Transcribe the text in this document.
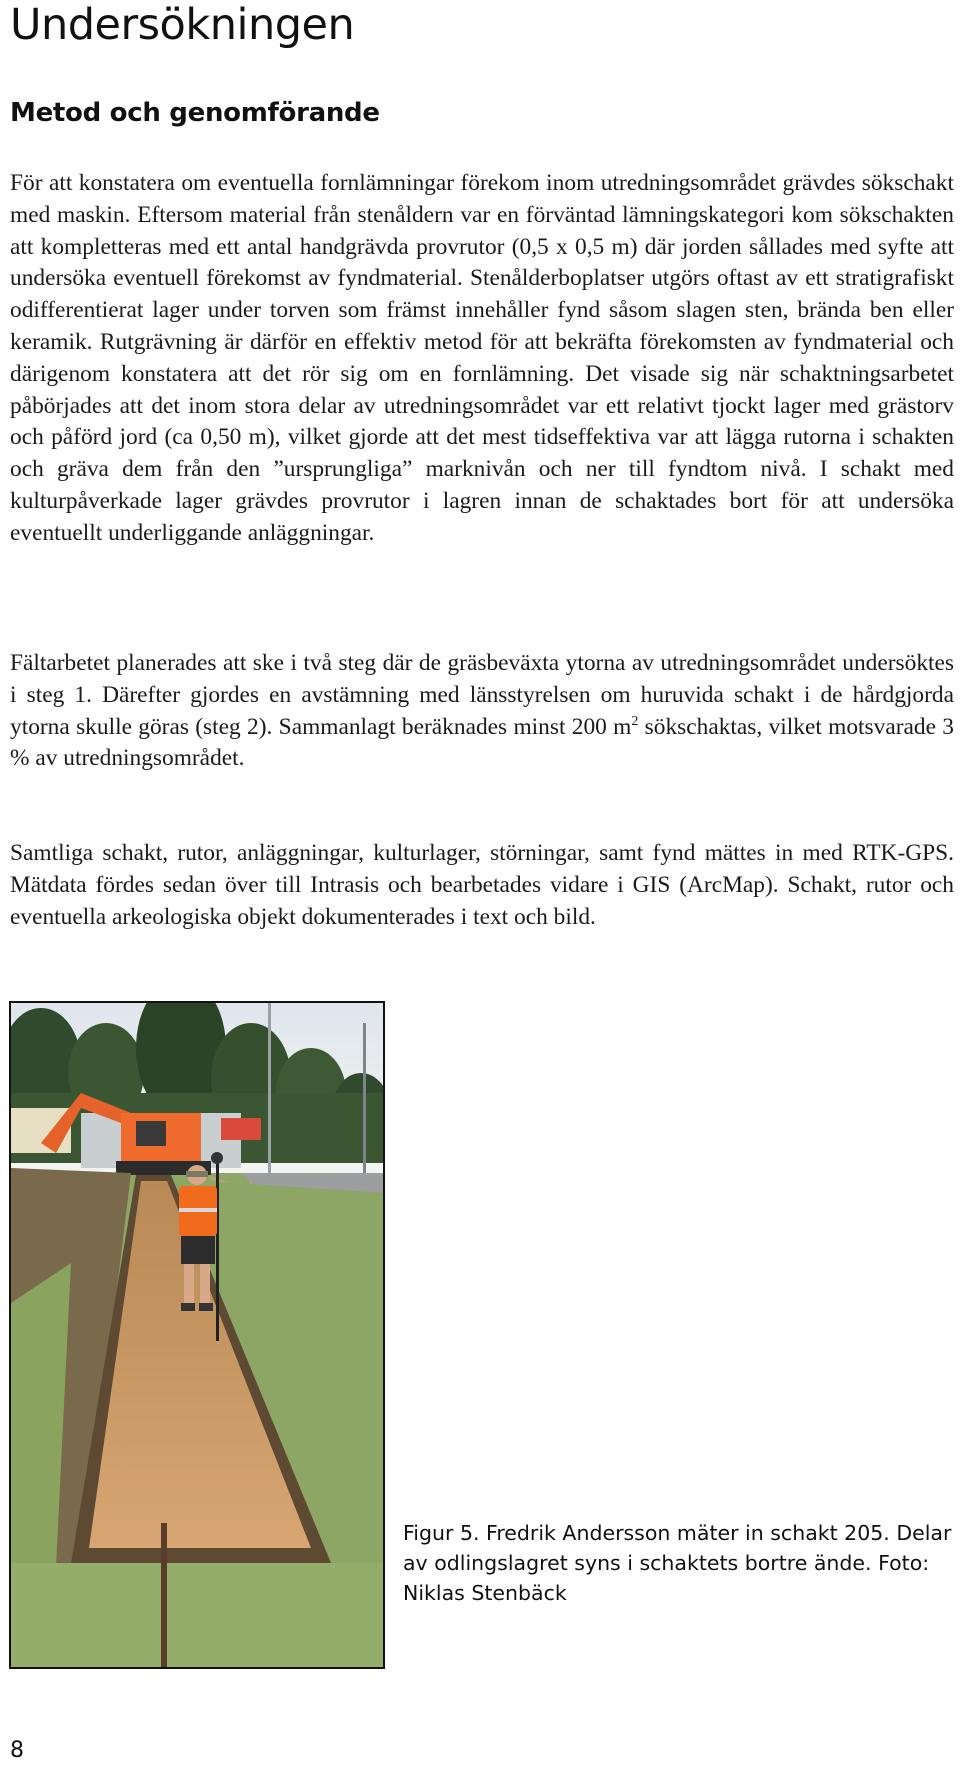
Undersökningen
Metod och genomförande

För att konstatera om eventuella fornlämningar förekom inom utredningsområdet grävdes sökschakt med maskin. Eftersom material från stenåldern var en förväntad lämningskategori kom sökschakten att kompletteras med ett antal handgrävda provrutor (0,5 x 0,5 m) där jorden sållades med syfte att undersöka eventuell förekomst av fyndmaterial. Stenålderboplatser utgörs oftast av ett stratigrafiskt odifferentierat lager under torven som främst innehåller fynd såsom slagen sten, brända ben eller keramik. Rutgrävning är därför en effektiv metod för att bekräfta förekomsten av fyndmaterial och därigenom konstatera att det rör sig om en fornlämning. Det visade sig när schaktningsarbetet påbörjades att det inom stora delar av utredningsområdet var ett relativt tjockt lager med grästorv och påförd jord (ca 0,50 m), vilket gjorde att det mest tidseffektiva var att lägga rutorna i schakten och gräva dem från den ”ursprungliga” marknivån och ner till fyndtom nivå. I schakt med kulturpåverkade lager grävdes provrutor i lagren innan de schaktades bort för att undersöka eventuellt underliggande anläggningar.

Fältarbetet planerades att ske i två steg där de gräsbeväxta ytorna av utredningsområdet undersöktes i steg 1. Därefter gjordes en avstämning med länsstyrelsen om huruvida schakt i de hårdgjorda ytorna skulle göras (steg 2). Sammanlagt beräknades minst 200 $m^2$ sökschaktas, vilket motsvarade 3 % av utredningsområdet.

Samtliga schakt, rutor, anläggningar, kulturlager, störningar, samt fynd mättes in med RTK-GPS. Mätdata fördes sedan över till Intrasis och bearbetades vidare i GIS (ArcMap). Schakt, rutor och eventuella arkeologiska objekt dokumenterades i text och bild.

Figur 5. Fredrik Andersson mäter in schakt 205. Delar av odlingslagret syns i schaktets bortre ände. Foto: Niklas Stenbäck

8
